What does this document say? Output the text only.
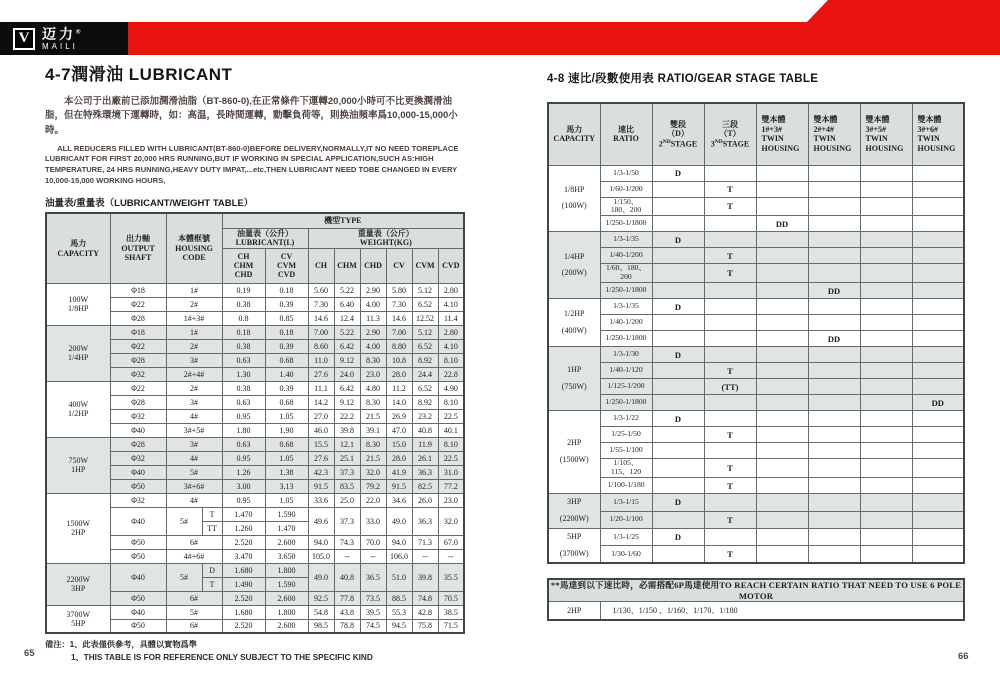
V 迈力®
MAILI
4-7潤滑油 LUBRICANT

本公司于出廠前已添加潤滑油脂（BT-860-0),在正常條件下運轉20,000小時可不比更換潤滑油脂，但在特殊環境下運轉時，如：高温，長時間運轉，動擊負荷等，則换油頻率爲10,000-15,000小時。

ALL REDUCERS FILLED WITH LUBRICANT(BT-860-0)BEFORE DELIVERY,NORMALLY,IT NO NEED TOREPLACE LUBRICANT FOR FIRST 20,000 HRS RUNNING,BUT IF WORKING IN SPECIAL APPLICATION,SUCH AS:HIGH TEMPERATURE, 24 HRS RUNNING,HEAVY DUTY IMPAT,...etc,THEN LUBRICANT NEED TOBE CHANGED IN EVERY 10,000-15,000 WORKING HOURS,

油量表/重量表（LUBRICANT/WEIGHT TABLE）
馬力
CAPACITY	出力軸
OUTPUT
SHAFT	本體框號
HOUSING
CODE		機型TYPE							
				油量表（公升）
LUBRICANT(L)		重量表（公斤）
WEIGHT(KG)					
				CH
CHM
CHD	CV
CVM
CVD	CH	CHM	CHD	CV	CVM	CVD
100W
1/8HP	Φ18	1#		0.19	0.18	5.60	5.22	2.90	5.80	5.12	2.80
	Φ22	2#		0.38	0.39	7.30	6.40	4.00	7.30	6.52	4.10
	Φ28	1#+3#		0.8	0.85	14.6	12.4	11.3	14.6	12.52	11.4
200W
1/4HP	Φ18	1#		0.18	0.18	7.00	5.22	2.90	7.00	5.12	2.80
	Φ22	2#		0.38	0.39	8.60	6.42	4.00	8.80	6.52	4.10
	Φ28	3#		0.63	0.68	11.0	9.12	8.30	10.8	8.92	8.10
	Φ32	2#+4#		1.30	1.40	27.6	24.0	23.0	28.0	24.4	22.8
400W
1/2HP	Φ22	2#		0.38	0.39	11.1	6.42	4.80	11.2	6.52	4.90
	Φ28	3#		0.63	0.68	14.2	9.12	8.30	14.0	8.92	8.10
	Φ32	4#		0.95	1.05	27.0	22.2	21.5	26.9	23.2	22.5
	Φ40	3#+5#		1.80	1.90	46.0	39.8	39.1	47.0	40.8	40.1
750W
1HP	Φ28	3#		0.63	0.68	15.5	12.1	8.30	15.0	11.9	8.10
	Φ32	4#		0.95	1.05	27.6	25.1	21.5	28.0	26.1	22.5
	Φ40	5#		1.26	1.38	42.3	37.3	32.0	41.9	36.3	31.0
	Φ50	3#+6#		3.00	3.13	91.5	83.5	79.2	91.5	82.5	77.2
1500W
2HP	Φ32	4#		0.95	1.05	33.6	25.0	22.0	34.6	26.0	23.0
	Φ40	5#	T	1.470	1.590	49.6	37.3	33.0	49.0	36.3	32.0
			TT	1.260	1.470						
	Φ50	6#		2.520	2.600	94.0	74.3	70.0	94.0	71.3	67.0
	Φ50	4#+6#		3.470	3.650	105.0	--	--	106.0	--	--
2200W
3HP	Φ40	5#	D	1.680	1.800	49.0	40.8	36.5	51.0	39.8	35.5
			T	1.490	1.590						
	Φ50	6#		2.520	2.600	92.5	77.8	73.5	88.5	74.8	70.5
3700W
5HP	Φ40	5#		1.680	1.800	54.8	43.8	39.5	55.3	42.8	38.5
	Φ50	6#		2.520	2.600	98.5	78.8	74.5	94.5	75.8	71.5
備注：1、此表僅供參考，具體以實物爲準
1、THIS TABLE IS FOR REFERENCE ONLY SUBJECT TO THE SPECIFIC KIND
4-8 速比/段數使用表 RATIO/GEAR STAGE TABLE
馬力
CAPACITY	速比
RATIO	雙段
（D）
2NDSTAGE	三段
（T）
3NDSTAGE	雙本體
1#+3#
TWIN
HOUSING	雙本體
2#+4#
TWIN
HOUSING	雙本體
3#+5#
TWIN
HOUSING	雙本體
3#+6#
TWIN
HOUSING
1/8HP
(100W)	1/3-1/50	D					
	1/60-1/200		T				
	1/150、
180、200		T				
	1/250-1/1800			DD			
1/4HP
(200W)	1/3-1/35	D					
	1/40-1/200		T				
	1/60、180、200		T				
	1/250-1/1800				DD		
1/2HP
(400W)	1/3-1/35	D					
	1/40-1/200						
	1/250-1/1800				DD		
1HP
(750W)	1/3-1/30	D					
	1/40-1/120		T				
	1/125-1/200		(TT)				
	1/250-1/1800						DD
2HP
(1500W)	1/3-1/22	D					
	1/25-1/50		T				
	1/55-1/100						
	1/105、
115、120		T				
	1/100-1/180		T				
3HP
(2200W)	1/3-1/15	D					
	1/20-1/100		T				
5HP
(3700W)	1/3-1/25	D					
	1/30-1/60		T				
**馬達到以下速比時，必需搭配6P馬達使用TO REACH CERTAIN RATIO THAT NEED TO USE 6 POLE MOTOR
2HP	1/130、1/150 、1/160、1/170、1/180
65	66
